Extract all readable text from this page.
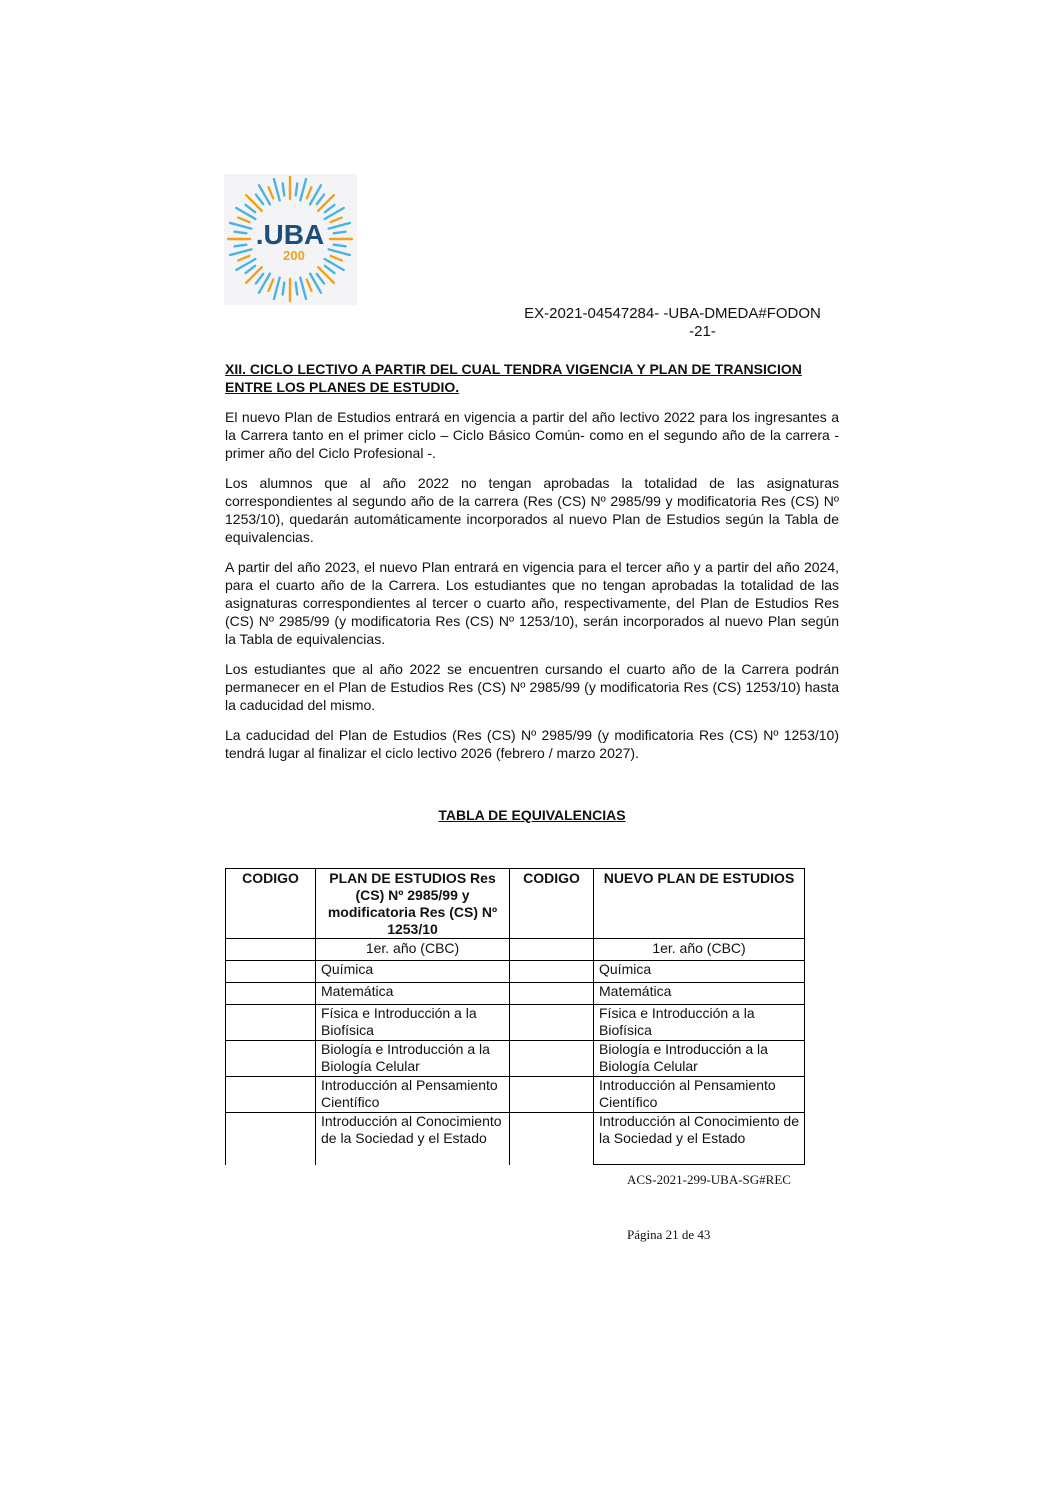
.UBA
200
EX-2021-04547284- -UBA-DMEDA#FODON
-21-
XII. CICLO LECTIVO A PARTIR DEL CUAL TENDRA VIGENCIA Y PLAN DE TRANSICION ENTRE LOS PLANES DE ESTUDIO.

El nuevo Plan de Estudios entrará en vigencia a partir del año lectivo 2022 para los ingresantes a la Carrera tanto en el primer ciclo – Ciclo Básico Común- como en el segundo año de la carrera -primer año del Ciclo Profesional -.

Los alumnos que al año 2022 no tengan aprobadas la totalidad de las asignaturas correspondientes al segundo año de la carrera (Res (CS) Nº 2985/99 y modificatoria Res (CS) Nº 1253/10), quedarán automáticamente incorporados al nuevo Plan de Estudios según la Tabla de equivalencias.

A partir del año 2023, el nuevo Plan entrará en vigencia para el tercer año y a partir del año 2024, para el cuarto año de la Carrera. Los estudiantes que no tengan aprobadas la totalidad de las asignaturas correspondientes al tercer o cuarto año, respectivamente, del Plan de Estudios Res (CS) Nº 2985/99 (y modificatoria Res (CS) Nº 1253/10), serán incorporados al nuevo Plan según la Tabla de equivalencias.

Los estudiantes que al año 2022 se encuentren cursando el cuarto año de la Carrera podrán permanecer en el Plan de Estudios Res (CS) Nº 2985/99 (y modificatoria Res (CS) 1253/10) hasta la caducidad del mismo.

La caducidad del Plan de Estudios (Res (CS) Nº 2985/99 (y modificatoria Res (CS) Nº 1253/10) tendrá lugar al finalizar el ciclo lectivo 2026 (febrero / marzo 2027).

TABLA DE EQUIVALENCIAS
CODIGO	PLAN DE ESTUDIOS Res (CS) Nº 2985/99 y modificatoria Res (CS) Nº 1253/10	CODIGO	NUEVO PLAN DE ESTUDIOS
	1er. año (CBC)		1er. año (CBC)
	Química		Química
	Matemática		Matemática
	Física e Introducción a la Biofísica		Física e Introducción a la Biofísica
	Biología e Introducción a la Biología Celular		Biología e Introducción a la Biología Celular
	Introducción al Pensamiento Científico		Introducción al Pensamiento Científico
	Introducción al Conocimiento de la Sociedad y el Estado		Introducción al Conocimiento de la Sociedad y el Estado
ACS-2021-299-UBA-SG#REC
Página 21 de 43
